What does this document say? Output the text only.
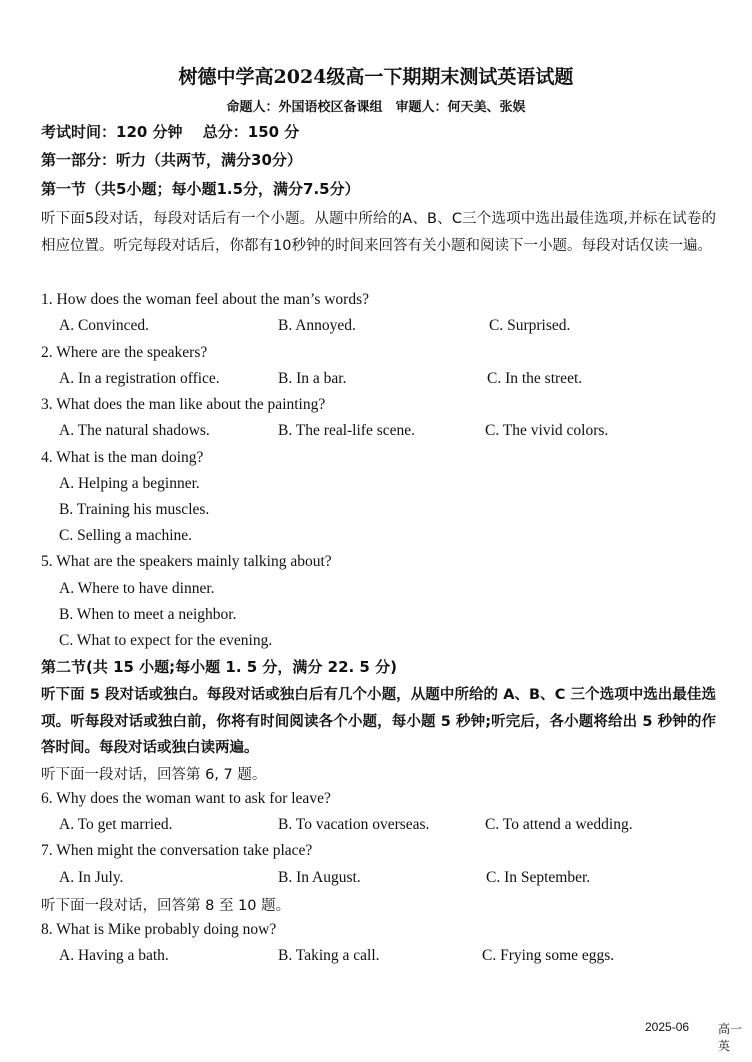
树德中学高2024级高一下期期末测试英语试题
命题人：外国语校区备课组　审题人：何天美、张娱
考试时间：120 分钟　 总分：150 分
第一部分：听力（共两节，满分30分）
第一节（共5小题；每小题1.5分，满分7.5分）
听下面5段对话，每段对话后有一个小题。从题中所给的A、B、C三个选项中选出最佳选项,并标在试卷的相应位置。听完每段对话后，你都有10秒钟的时间来回答有关小题和阅读下一小题。每段对话仅读一遍。
1. How does the woman feel about the man’s words?
A. Convinced.	B. Annoyed.	C. Surprised.
2. Where are the speakers?
A. In a registration office.	B. In a bar.	C. In the street.
3. What does the man like about the painting?
A. The natural shadows.	B. The real-life scene.	C. The vivid colors.
4. What is the man doing?
A. Helping a beginner.
B. Training his muscles.
C. Selling a machine.
5. What are the speakers mainly talking about?
A. Where to have dinner.
B. When to meet a neighbor.
C. What to expect for the evening.
第二节(共 15 小题;每小题 1. 5 分，满分 22. 5 分)
听下面 5 段对话或独白。每段对话或独白后有几个小题，从题中所给的 A、B、C 三个选项中选出最佳选项。听每段对话或独白前，你将有时间阅读各个小题，每小题 5 秒钟;听完后，各小题将给出 5 秒钟的作答时间。每段对话或独白读两遍。
听下面一段对话，回答第 6, 7 题。
6. Why does the woman want to ask for leave?
A. To get married.	B. To vacation overseas.	C. To attend a wedding.
7. When might the conversation take place?
A. In July.	B. In August.	C. In September.
听下面一段对话，回答第 8 至 10 题。
8. What is Mike probably doing now?
A. Having a bath.	B. Taking a call.	C. Frying some eggs.
2025-06 高一英
